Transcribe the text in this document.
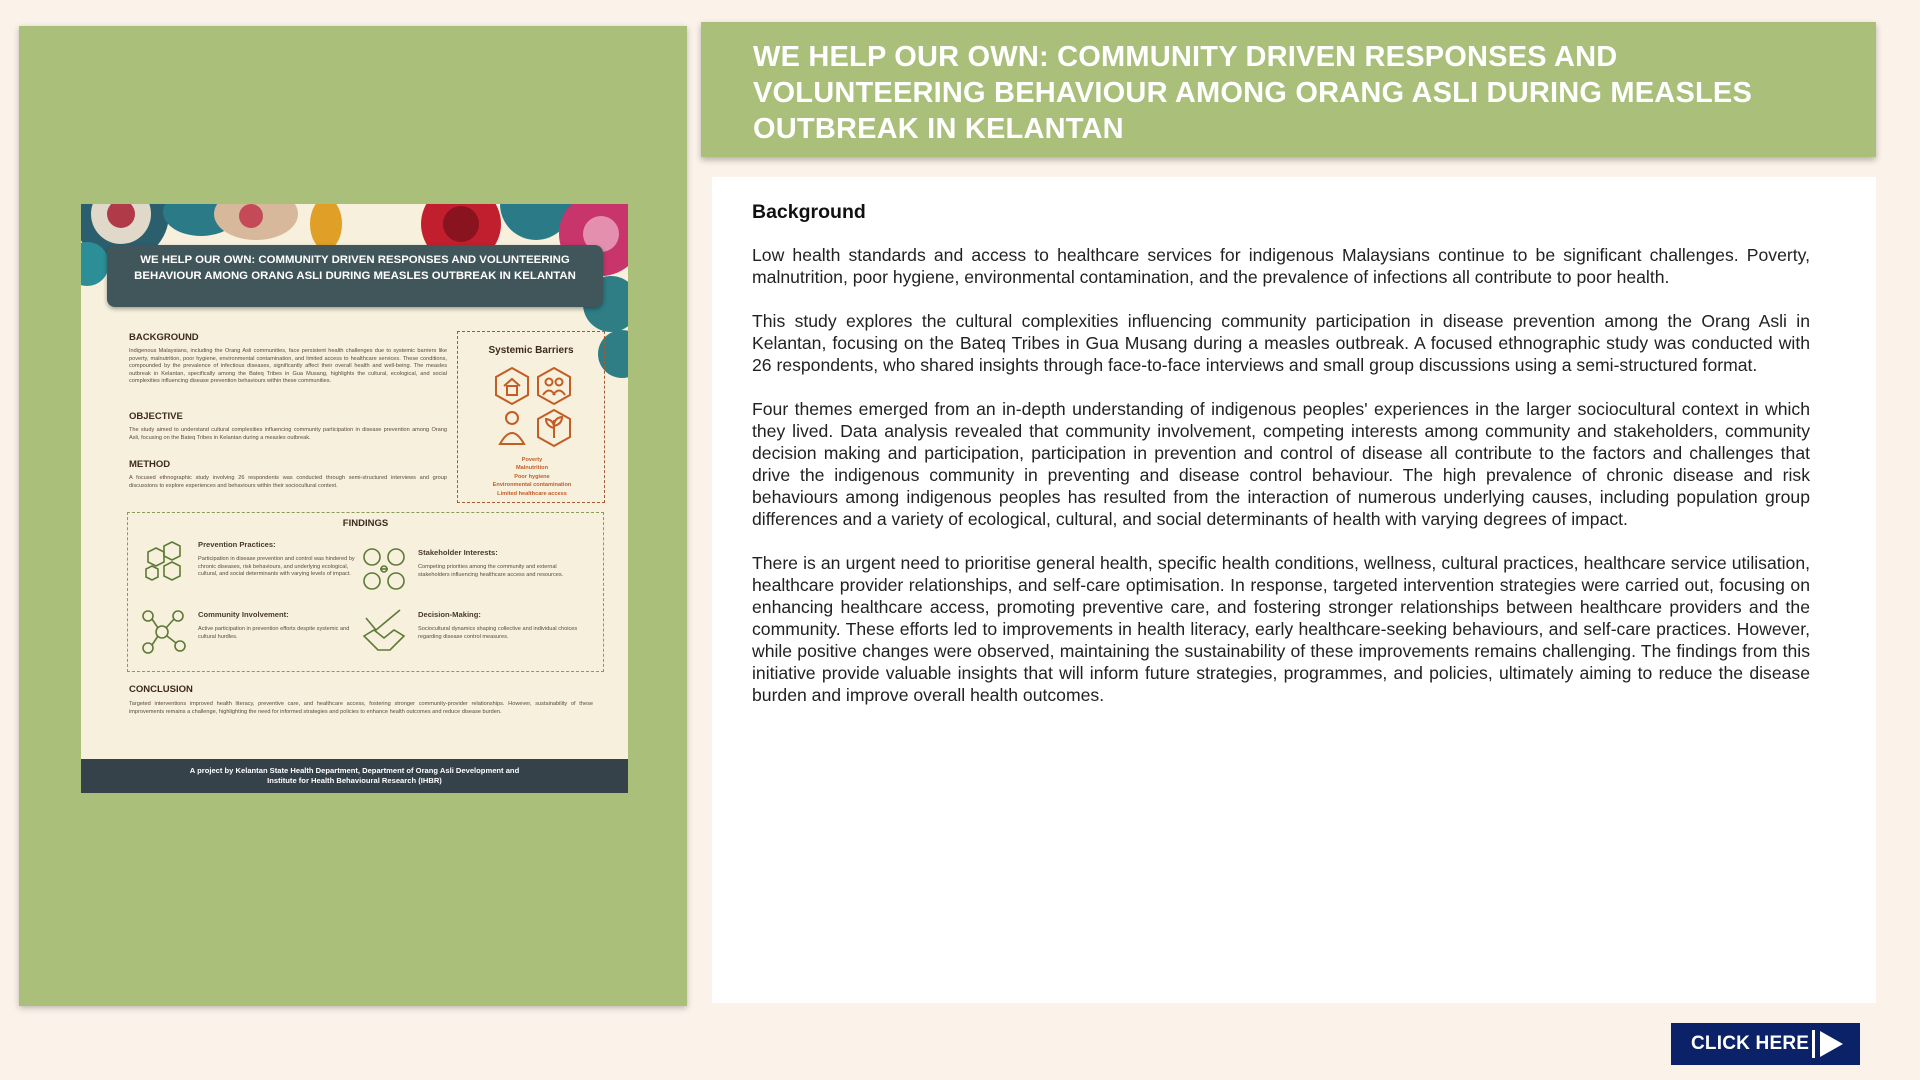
WE HELP OUR OWN: COMMUNITY DRIVEN RESPONSES AND VOLUNTEERING BEHAVIOUR AMONG ORANG ASLI DURING MEASLES OUTBREAK IN KELANTAN
BACKGROUND
Indigenous Malaysians, including the Orang Asli communities, face persistent health challenges due to systemic barriers like poverty, malnutrition, poor hygiene, environmental contamination, and limited access to healthcare services. These conditions, compounded by the prevalence of infectious diseases, significantly affect their overall health and well-being. The measles outbreak in Kelantan, specifically among the Bateq Tribes in Gua Musang, highlights the cultural, ecological, and social complexities influencing disease prevention behaviours within these communities.
OBJECTIVE
The study aimed to understand cultural complexities influencing community participation in disease prevention among Orang Asli, focusing on the Bateq Tribes in Kelantan during a measles outbreak.
METHOD
A focused ethnographic study involving 26 respondents was conducted through semi-structured interviews and group discussions to explore experiences and behaviours within their sociocultural context.
Systemic Barriers
Poverty
Malnutrition
Poor hygiene
Environmental contamination
Limited healthcare access
FINDINGS
Prevention Practices:
Participation in disease prevention and control was hindered by chronic diseases, risk behaviours, and underlying ecological, cultural, and social determinants with varying levels of impact.
Stakeholder Interests:
Competing priorities among the community and external stakeholders influencing healthcare access and resources.
Community Involvement:
Active participation in prevention efforts despite systemic and cultural hurdles.
Decision-Making:
Sociocultural dynamics shaping collective and individual choices regarding disease control measures.
CONCLUSION
Targeted interventions improved health literacy, preventive care, and healthcare access, fostering stronger community-provider relationships. However, sustainability of these improvements remains a challenge, highlighting the need for informed strategies and policies to enhance health outcomes and reduce disease burden.
A project by Kelantan State Health Department, Department of Orang Asli Development and
Institute for Health Behavioural Research (IHBR)
WE HELP OUR OWN: COMMUNITY DRIVEN RESPONSES AND VOLUNTEERING BEHAVIOUR AMONG ORANG ASLI DURING MEASLES OUTBREAK IN KELANTAN
Background

Low health standards and access to healthcare services for indigenous Malaysians continue to be significant challenges. Poverty, malnutrition, poor hygiene, environmental contamination, and the prevalence of infections all contribute to poor health.

This study explores the cultural complexities influencing community participation in disease prevention among the Orang Asli in Kelantan, focusing on the Bateq Tribes in Gua Musang during a measles outbreak. A focused ethnographic study was conducted with 26 respondents, who shared insights through face-to-face interviews and small group discussions using a semi-structured format.

Four themes emerged from an in-depth understanding of indigenous peoples' experiences in the larger sociocultural context in which they lived. Data analysis revealed that community involvement, competing interests among community and stakeholders, community decision making and participation, participation in prevention and control of disease all contribute to the factors and challenges that drive the indigenous community in preventing and disease control behaviour. The high prevalence of chronic disease and risk behaviours among indigenous peoples has resulted from the interaction of numerous underlying causes, including population group differences and a variety of ecological, cultural, and social determinants of health with varying degrees of impact.

There is an urgent need to prioritise general health, specific health conditions, wellness, cultural practices, healthcare service utilisation, healthcare provider relationships, and self-care optimisation. In response, targeted intervention strategies were carried out, focusing on enhancing healthcare access, promoting preventive care, and fostering stronger relationships between healthcare providers and the community. These efforts led to improvements in health literacy, early healthcare-seeking behaviours, and self-care practices. However, while positive changes were observed, maintaining the sustainability of these improvements remains challenging. The findings from this initiative provide valuable insights that will inform future strategies, programmes, and policies, ultimately aiming to reduce the disease burden and improve overall health outcomes.

CLICK HERE
